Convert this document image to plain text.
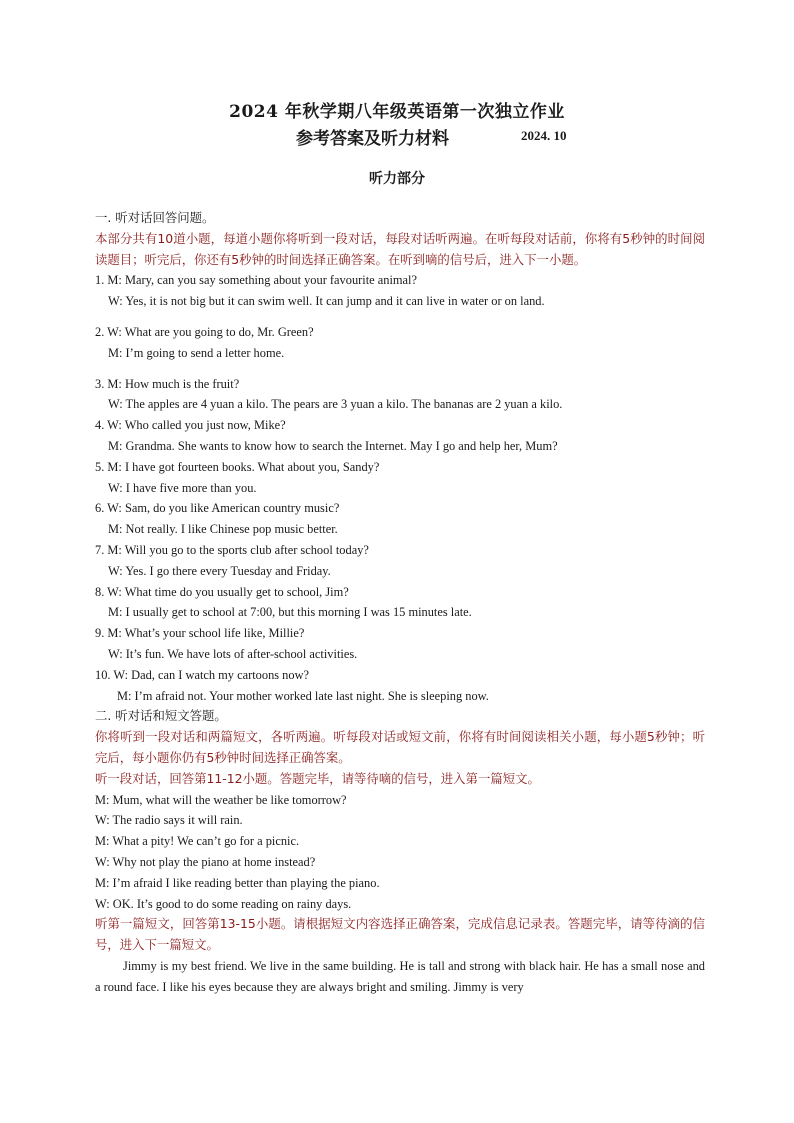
2024 年秋学期八年级英语第一次独立作业
参考答案及听力材料	2024. 10
听力部分
一. 听对话回答问题。
本部分共有10道小题，每道小题你将听到一段对话，每段对话听两遍。在听每段对话前，你将有5秒钟的时间阅读题目；听完后，你还有5秒钟的时间选择正确答案。在听到嘀的信号后，进入下一小题。
1. M: Mary, can you say something about your favourite animal?
W: Yes, it is not big but it can swim well. It can jump and it can live in water or on land.
2. W: What are you going to do, Mr. Green?
M: I’m going to send a letter home.
3. M: How much is the fruit?
W: The apples are 4 yuan a kilo. The pears are 3 yuan a kilo. The bananas are 2 yuan a kilo.
4. W: Who called you just now, Mike?
M: Grandma. She wants to know how to search the Internet. May I go and help her, Mum?
5. M: I have got fourteen books. What about you, Sandy?
W: I have five more than you.
6. W: Sam, do you like American country music?
M: Not really. I like Chinese pop music better.
7. M: Will you go to the sports club after school today?
W: Yes. I go there every Tuesday and Friday.
8. W: What time do you usually get to school, Jim?
M: I usually get to school at 7:00, but this morning I was 15 minutes late.
9. M: What’s your school life like, Millie?
W: It’s fun. We have lots of after-school activities.
10. W: Dad, can I watch my cartoons now?
M: I’m afraid not. Your mother worked late last night. She is sleeping now.
二. 听对话和短文答题。
你将听到一段对话和两篇短文，各听两遍。听每段对话或短文前，你将有时间阅读相关小题，每小题5秒钟；听完后，每小题你仍有5秒钟时间选择正确答案。
听一段对话，回答第11-12小题。答题完毕，请等待嘀的信号，进入第一篇短文。
M: Mum, what will the weather be like tomorrow?
W: The radio says it will rain.
M: What a pity! We can’t go for a picnic.
W: Why not play the piano at home instead?
M: I’m afraid I like reading better than playing the piano.
W: OK. It’s good to do some reading on rainy days.
听第一篇短文，回答第13-15小题。请根据短文内容选择正确答案，完成信息记录表。答题完毕，请等待滴的信号，进入下一篇短文。
Jimmy is my best friend. We live in the same building. He is tall and strong with black hair. He has a small nose and a round face. I like his eyes because they are always bright and smiling. Jimmy is very
